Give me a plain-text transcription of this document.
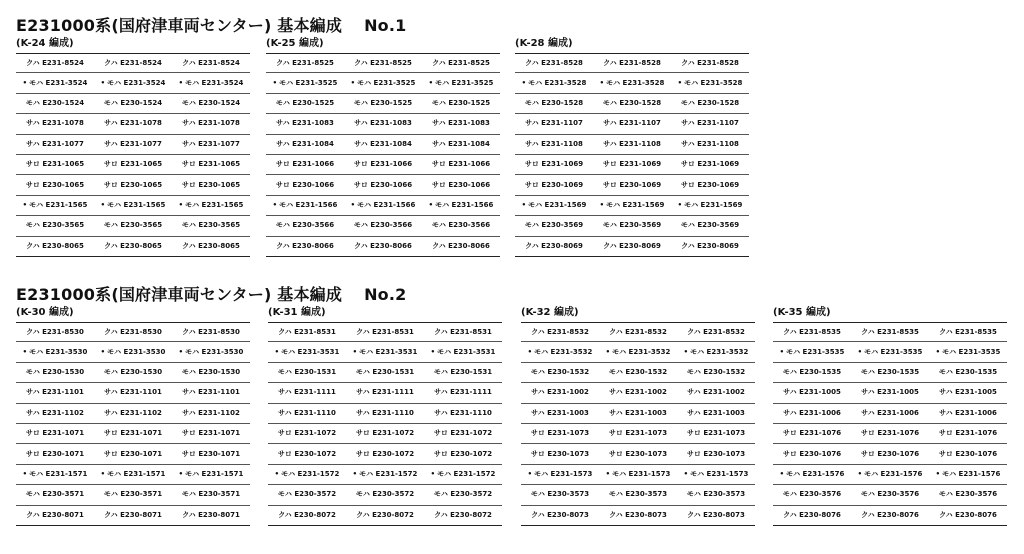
E231000系(国府津車両センター) 基本編成 No.1
(K-24 編成)
クハ E231-8524	クハ E231-8524	クハ E231-8524
• モハ E231-3524	• モハ E231-3524	• モハ E231-3524
モハ E230-1524	モハ E230-1524	モハ E230-1524
サハ E231-1078	サハ E231-1078	サハ E231-1078
サハ E231-1077	サハ E231-1077	サハ E231-1077
サロ E231-1065	サロ E231-1065	サロ E231-1065
サロ E230-1065	サロ E230-1065	サロ E230-1065
• モハ E231-1565	• モハ E231-1565	• モハ E231-1565
モハ E230-3565	モハ E230-3565	モハ E230-3565
クハ E230-8065	クハ E230-8065	クハ E230-8065
(K-25 編成)
クハ E231-8525	クハ E231-8525	クハ E231-8525
• モハ E231-3525	• モハ E231-3525	• モハ E231-3525
モハ E230-1525	モハ E230-1525	モハ E230-1525
サハ E231-1083	サハ E231-1083	サハ E231-1083
サハ E231-1084	サハ E231-1084	サハ E231-1084
サロ E231-1066	サロ E231-1066	サロ E231-1066
サロ E230-1066	サロ E230-1066	サロ E230-1066
• モハ E231-1566	• モハ E231-1566	• モハ E231-1566
モハ E230-3566	モハ E230-3566	モハ E230-3566
クハ E230-8066	クハ E230-8066	クハ E230-8066
(K-28 編成)
クハ E231-8528	クハ E231-8528	クハ E231-8528
• モハ E231-3528	• モハ E231-3528	• モハ E231-3528
モハ E230-1528	モハ E230-1528	モハ E230-1528
サハ E231-1107	サハ E231-1107	サハ E231-1107
サハ E231-1108	サハ E231-1108	サハ E231-1108
サロ E231-1069	サロ E231-1069	サロ E231-1069
サロ E230-1069	サロ E230-1069	サロ E230-1069
• モハ E231-1569	• モハ E231-1569	• モハ E231-1569
モハ E230-3569	モハ E230-3569	モハ E230-3569
クハ E230-8069	クハ E230-8069	クハ E230-8069
E231000系(国府津車両センター) 基本編成 No.2
(K-30 編成)
クハ E231-8530	クハ E231-8530	クハ E231-8530
• モハ E231-3530	• モハ E231-3530	• モハ E231-3530
モハ E230-1530	モハ E230-1530	モハ E230-1530
サハ E231-1101	サハ E231-1101	サハ E231-1101
サハ E231-1102	サハ E231-1102	サハ E231-1102
サロ E231-1071	サロ E231-1071	サロ E231-1071
サロ E230-1071	サロ E230-1071	サロ E230-1071
• モハ E231-1571	• モハ E231-1571	• モハ E231-1571
モハ E230-3571	モハ E230-3571	モハ E230-3571
クハ E230-8071	クハ E230-8071	クハ E230-8071
(K-31 編成)
クハ E231-8531	クハ E231-8531	クハ E231-8531
• モハ E231-3531	• モハ E231-3531	• モハ E231-3531
モハ E230-1531	モハ E230-1531	モハ E230-1531
サハ E231-1111	サハ E231-1111	サハ E231-1111
サハ E231-1110	サハ E231-1110	サハ E231-1110
サロ E231-1072	サロ E231-1072	サロ E231-1072
サロ E230-1072	サロ E230-1072	サロ E230-1072
• モハ E231-1572	• モハ E231-1572	• モハ E231-1572
モハ E230-3572	モハ E230-3572	モハ E230-3572
クハ E230-8072	クハ E230-8072	クハ E230-8072
(K-32 編成)
クハ E231-8532	クハ E231-8532	クハ E231-8532
• モハ E231-3532	• モハ E231-3532	• モハ E231-3532
モハ E230-1532	モハ E230-1532	モハ E230-1532
サハ E231-1002	サハ E231-1002	サハ E231-1002
サハ E231-1003	サハ E231-1003	サハ E231-1003
サロ E231-1073	サロ E231-1073	サロ E231-1073
サロ E230-1073	サロ E230-1073	サロ E230-1073
• モハ E231-1573	• モハ E231-1573	• モハ E231-1573
モハ E230-3573	モハ E230-3573	モハ E230-3573
クハ E230-8073	クハ E230-8073	クハ E230-8073
(K-35 編成)
クハ E231-8535	クハ E231-8535	クハ E231-8535
• モハ E231-3535	• モハ E231-3535	• モハ E231-3535
モハ E230-1535	モハ E230-1535	モハ E230-1535
サハ E231-1005	サハ E231-1005	サハ E231-1005
サハ E231-1006	サハ E231-1006	サハ E231-1006
サロ E231-1076	サロ E231-1076	サロ E231-1076
サロ E230-1076	サロ E230-1076	サロ E230-1076
• モハ E231-1576	• モハ E231-1576	• モハ E231-1576
モハ E230-3576	モハ E230-3576	モハ E230-3576
クハ E230-8076	クハ E230-8076	クハ E230-8076
